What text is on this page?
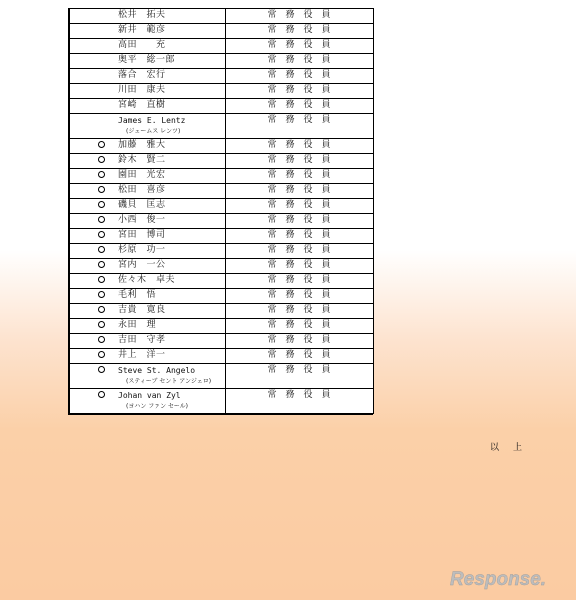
松井　拓夫	常務役員

新井　範彦	常務役員

高田　　充	常務役員

奥平　総一郎	常務役員

落合　宏行	常務役員

川田　康夫	常務役員

宮崎　直樹	常務役員

James E. Lentz
(ジェームス レンツ)	常務役員

加藤　雅大	常務役員

鈴木　賢二	常務役員

園田　光宏	常務役員

松田　喜彦	常務役員

磯貝　匡志	常務役員

小西　俊一	常務役員

宮田　博司	常務役員

杉原　功一	常務役員

宮内　一公	常務役員

佐々木　卓夫	常務役員

毛利　悟	常務役員

吉貴　寛良	常務役員

永田　理	常務役員

吉田　守孝	常務役員

井上　洋一	常務役員

Steve St. Angelo
(スティーブ セント アンジェロ)	常務役員

Johan van Zyl
(ヨハン ファン セール)	常務役員
以上
Response.
